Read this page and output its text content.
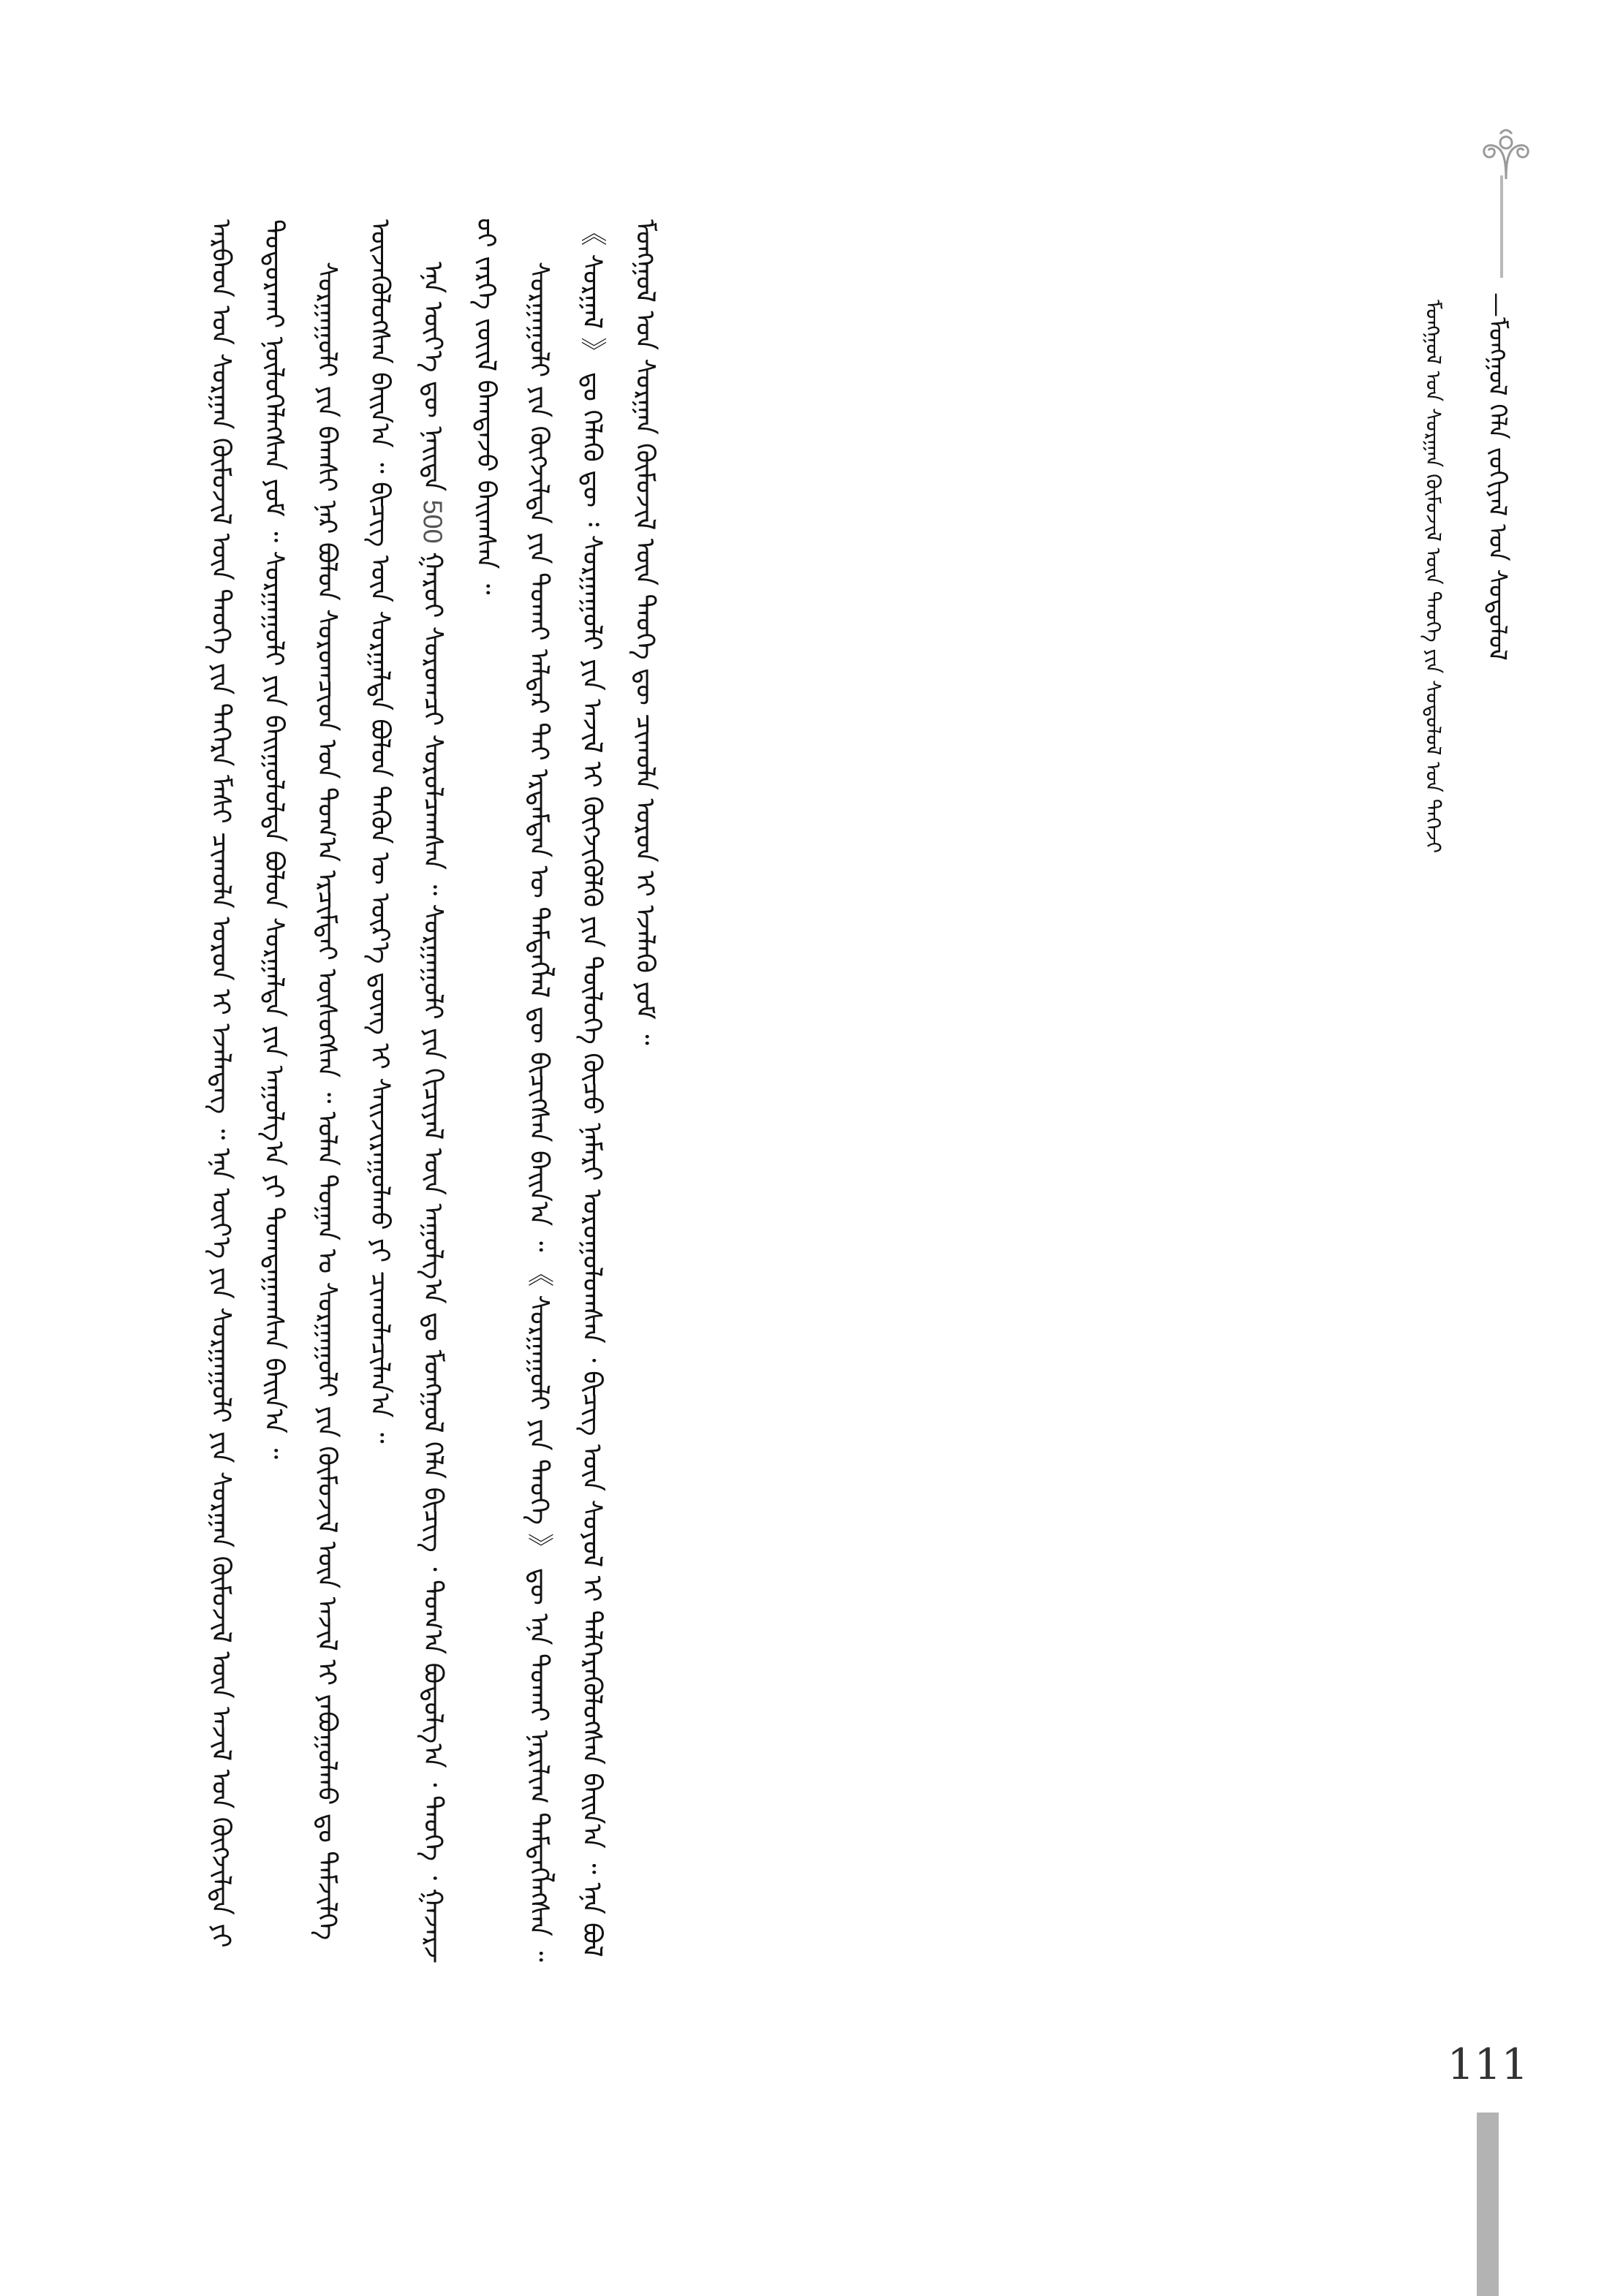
—ᠮᠣᠩᠭᠣᠯ ᠬᠡᠯᠡ ᠵᠣᠬᠢᠶᠠᠯ ᠤᠨ ᠰᠤᠳᠤᠯᠤᠯ
ᠮᠣᠩᠭᠣᠯ ᠤᠨ ᠰᠤᠷᠭᠠᠨ ᠬᠦᠮᠦᠵᠢᠯ ᠦᠨ ᠲᠡᠦᠬᠡ ᠶᠢᠨ ᠰᠤᠳᠤᠯᠤᠯ ᠤᠨ ᠳᠡᠭᠡᠵᠢ

ᠠᠷᠪᠠᠳ ᠤᠨ ᠰᠤᠷᠭᠠᠨ ᠬᠦᠮᠦᠵᠢᠯ ᠦᠨ ᠲᠡᠦᠬᠡ ᠶᠢᠨ ᠳᠡᠭᠡᠷᠡ ᠮᠠᠰᠢ ᠴᠢᠬᠤᠯᠠ ᠣᠷᠣᠨ ᠢ ᠡᠵᠡᠯᠡᠳᠡᠭ ᠃ ᠡᠨᠡ ᠦᠶ᠎ᠡ ᠶᠢᠨ ᠰᠤᠷᠭᠠᠭᠤᠯᠢ ᠶᠢᠨ ᠰᠤᠷᠭᠠᠨ ᠬᠦᠮᠦᠵᠢᠯ ᠦᠨ ᠠᠵᠢᠯ ᠤᠨ ᠬᠥᠭᠵᠢᠯᠲᠡ ᠶᠢ ᠲᠣᠳᠣᠷᠬᠠᠢ ᠨᠥᠯᠥᠭᠡᠯᠡᠭᠰᠡᠨ ᠶᠤᠮ ᠃ ᠰᠤᠷᠭᠠᠭᠤᠯᠢ ᠶᠢᠨ ᠪᠠᠢᠭᠤᠯᠤᠯᠲᠠ ᠪᠣᠯᠤᠨ ᠰᠤᠷᠭᠠᠯᠲᠠ ᠶᠢᠨ ᠠᠭᠤᠯᠭ᠎ᠠ ᠶᠢ ᠲᠣᠭᠲᠠᠭᠠᠭᠰᠠᠨ ᠪᠠᠢᠨ᠎ᠠ ᠃ ᠰᠤᠷᠭᠠᠭᠤᠯᠢ ᠶᠢᠨ ᠪᠠᠭᠰᠢ ᠨᠠᠷ ᠪᠣᠯᠤᠨ ᠰᠤᠷᠤᠭᠴᠢᠳ ᠤᠨ ᠲᠣᠭ᠎ᠠ ᠡᠷᠴᠢᠮᠲᠡᠢ ᠥᠰᠦᠭᠰᠡᠨ ᠃ ᠣᠯᠠᠨ ᠲᠣᠭᠠᠨ ᠤ ᠰᠤᠷᠭᠠᠭᠤᠯᠢ ᠶᠢᠨ ᠬᠦᠮᠦᠵᠢᠯ ᠦᠨ ᠠᠵᠢᠯ ᠢ ᠶᠠᠪᠤᠭᠤᠯᠬᠤ ᠳᠤ ᠳᠡᠮᠵᠢᠯᠭᠡ ᠦᠵᠡᠭᠦᠯᠦᠭᠰᠡᠨ ᠪᠠᠢᠨ᠎ᠠ ᠃ ᠪᠢᠴᠢᠭ ᠦᠨ ᠰᠤᠷᠭᠠᠯᠲᠠ ᠪᠣᠯᠤᠨ ᠲᠡᠭᠦᠨ ᠦ ᠦᠷ᠎ᠡ ᠳ᠋ᠦᠩ ᠢ ᠰᠠᠢᠵᠢᠷᠠᠭᠤᠯᠬᠤ ᠶᠢ ᠴᠢᠬᠤᠯᠠᠴᠢᠯᠠᠨ᠎ᠠ ᠃ ᠡᠨᠡ ᠦᠶ᠎ᠡ ᠳᠦ ᠨᠡᠢᠲᠡ 500 ᠭᠠᠷᠤᠢ ᠰᠤᠷᠤᠭᠴᠢ ᠰᠤᠷᠤᠯᠴᠠᠭᠰᠠᠨ ᠃ ᠰᠤᠷᠭᠠᠭᠤᠯᠢ ᠶᠢᠨ ᠬᠢᠴᠢᠶᠡᠯ ᠦᠨ ᠠᠭᠤᠯᠭ᠎ᠠ ᠳᠤ ᠮᠣᠩᠭᠣᠯ ᠬᠡᠯᠡ ᠪᠢᠴᠢᠭ ᠂ ᠲᠣᠭ᠎ᠠ ᠪᠣᠳᠤᠯᠭ᠎ᠠ ᠂ ᠲᠡᠦᠬᠡ ᠂ ᠭᠠᠵᠠᠷᠵᠦᠢ ᠵᠡᠷᠭᠡ ᠵᠦᠢᠯ ᠪᠠᠭᠳᠠᠵᠤ ᠪᠠᠢᠭᠰᠠᠨ ᠃ ᠰᠤᠷᠭᠠᠭᠤᠯᠢ ᠶᠢᠨ ᠬᠥᠭᠵᠢᠯᠲᠡ ᠶᠢᠨ ᠲᠤᠬᠠᠢ ᠠᠯᠳᠠᠷ ᠲᠠᠢ ᠡᠷᠳᠡᠮᠲᠡᠨ ᠦ ᠲᠡᠮᠳᠡᠭᠯᠡᠯ ᠳᠦ ᠪᠢᠴᠢᠭᠰᠡᠨ ᠪᠠᠢᠨ᠎ᠠ ᠃ 《 ᠰᠤᠷᠭᠠᠭᠤᠯᠢ ᠶᠢᠨ ᠲᠡᠦᠬᠡ 》 ᠳᠦ ᠡᠨᠡ ᠲᠤᠬᠠᠢ ᠨᠠᠷᠢᠯᠢᠭ ᠲᠡᠮᠳᠡᠭᠯᠡᠭᠰᠡᠨ ᠃ 《 ᠰᠤᠷᠭᠠᠯ 》 ᠳᠤ ᠬᠡᠯᠡᠬᠦ ᠳᠦ ᠄ ᠰᠤᠷᠭᠠᠭᠤᠯᠢ ᠶᠢᠨ ᠠᠵᠢᠯ ᠢ ᠬᠥᠭᠵᠢᠭᠦᠯᠬᠦ ᠶᠢᠨ ᠲᠥᠯᠦᠭᠡ ᠬᠦᠴᠦ ᠨᠡᠮᠡᠷᠢ ᠣᠷᠤᠭᠤᠯᠤᠭᠰᠠᠨ ᠂ ᠪᠢᠴᠢᠭ ᠦᠨ ᠰᠣᠶᠣᠯ ᠢ ᠳᠡᠯᠭᠡᠷᠡᠭᠦᠯᠦᠭᠰᠡᠨ ᠪᠠᠢᠨ᠎ᠠ ᠃ ᠡᠨᠡ ᠪᠣᠯ ᠮᠣᠩᠭᠣᠯ ᠤᠨ ᠰᠤᠷᠭᠠᠨ ᠬᠦᠮᠦᠵᠢᠯ ᠦᠨ ᠲᠡᠦᠬᠡ ᠳᠦ ᠴᠢᠬᠤᠯᠠ ᠣᠷᠣᠨ ᠢ ᠡᠵᠡᠯᠡᠬᠦ ᠶᠤᠮ ᠃

111
